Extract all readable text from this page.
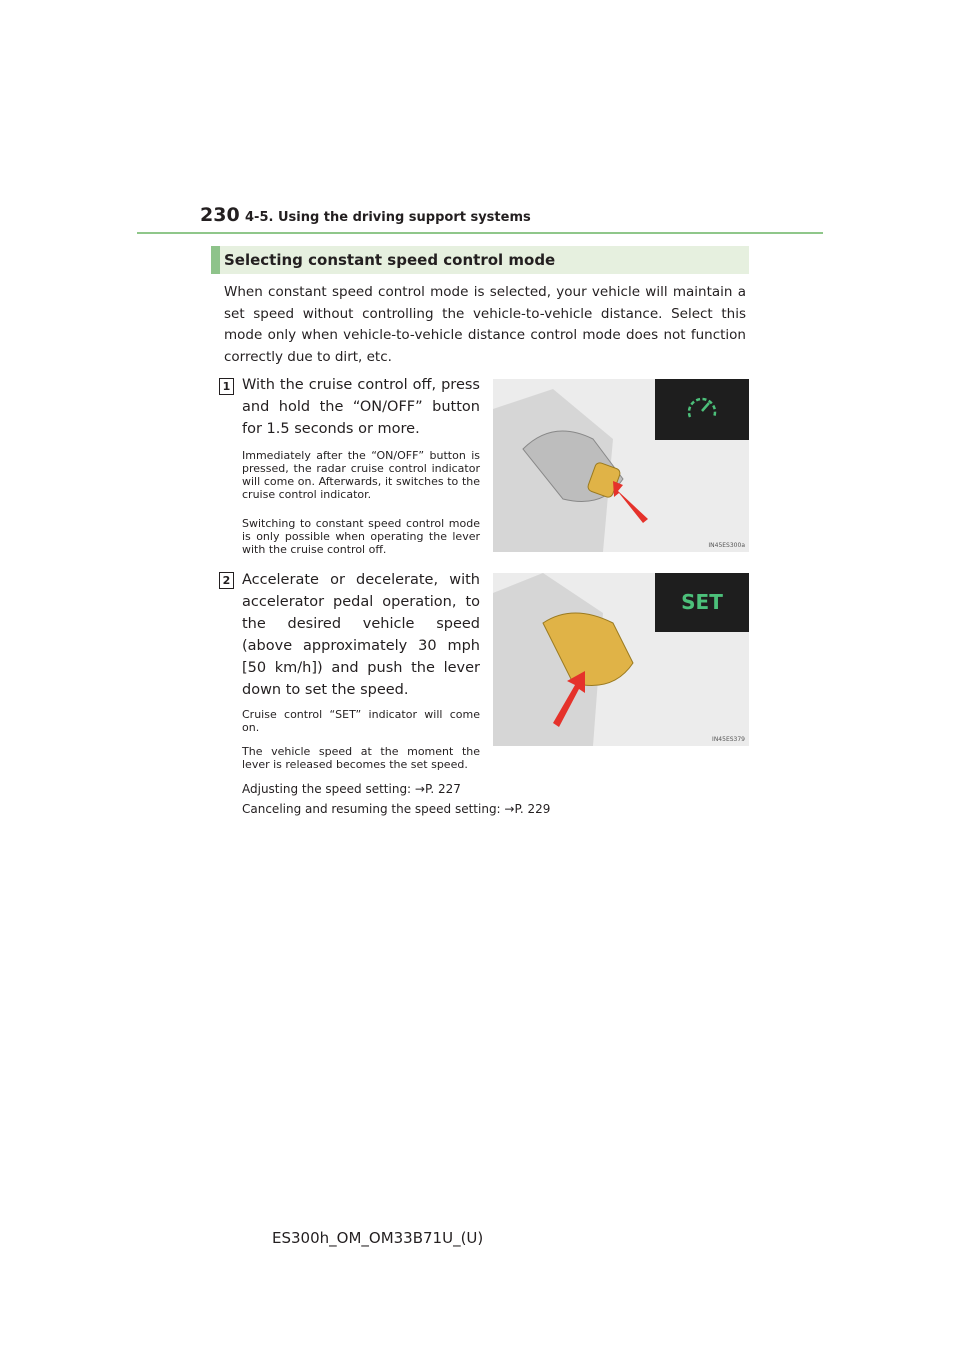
230 4-5. Using the driving support systems
Selecting constant speed control mode
When constant speed control mode is selected, your vehicle will maintain a set speed without controlling the vehicle-to-vehicle distance. Select this mode only when vehicle-to-vehicle distance control mode does not function correctly due to dirt, etc.
1 With the cruise control off, press and hold the “ON/OFF” button for 1.5 seconds or more.
Immediately after the “ON/OFF” button is pressed, the radar cruise control indicator will come on. Afterwards, it switches to the cruise control indicator.
Switching to constant speed control mode is only possible when operating the lever with the cruise control off.	IN45ES300a
2 Accelerate or decelerate, with accelerator pedal operation, to the desired vehicle speed (above approximately 30 mph [50 km/h]) and push the lever down to set the speed.
Cruise control “SET” indicator will come on.
The vehicle speed at the moment the lever is released becomes the set speed.
SET
IN45ES379
Adjusting the speed setting: →P. 227
Canceling and resuming the speed setting: →P. 229
ES300h_OM_OM33B71U_(U)
